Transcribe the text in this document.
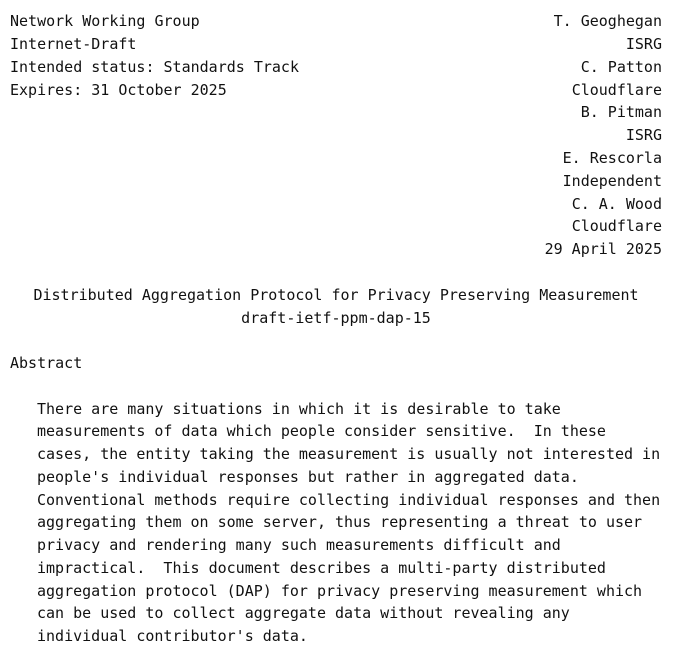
Network Working Group
Internet-Draft
Intended status: Standards Track
Expires: 31 October 2025
T. Geoghegan
ISRG
C. Patton
Cloudflare
B. Pitman
ISRG
E. Rescorla
Independent
C. A. Wood
Cloudflare
29 April 2025
Distributed Aggregation Protocol for Privacy Preserving Measurement
draft-ietf-ppm-dap-15
Abstract
There are many situations in which it is desirable to take
measurements of data which people consider sensitive.  In these
cases, the entity taking the measurement is usually not interested in
people's individual responses but rather in aggregated data.
Conventional methods require collecting individual responses and then
aggregating them on some server, thus representing a threat to user
privacy and rendering many such measurements difficult and
impractical.  This document describes a multi-party distributed
aggregation protocol (DAP) for privacy preserving measurement which
can be used to collect aggregate data without revealing any
individual contributor's data.
